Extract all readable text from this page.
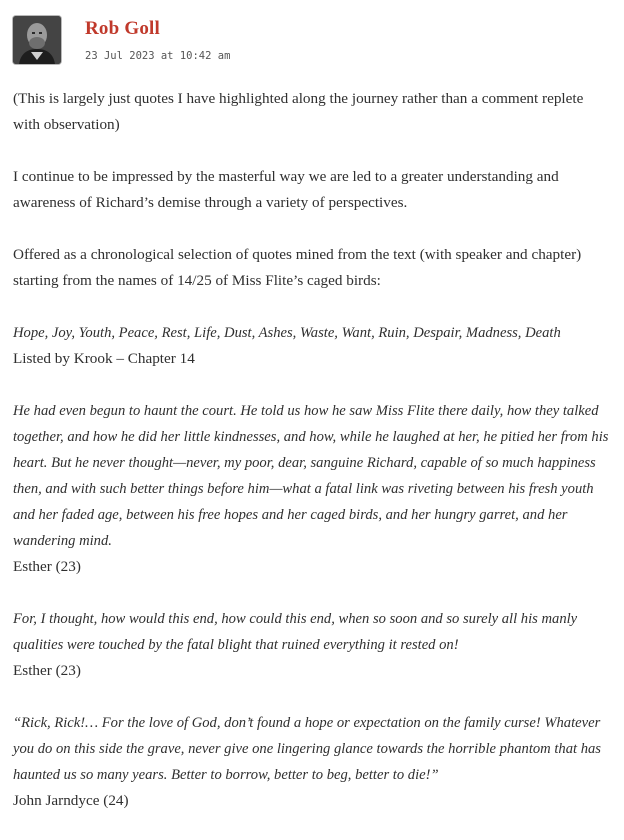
Rob Goll
23 Jul 2023 at 10:42 am

(This is largely just quotes I have highlighted along the journey rather than a comment replete with observation)

I continue to be impressed by the masterful way we are led to a greater understanding and awareness of Richard’s demise through a variety of perspectives.

Offered as a chronological selection of quotes mined from the text (with speaker and chapter) starting from the names of 14/25 of Miss Flite’s caged birds:

Hope, Joy, Youth, Peace, Rest, Life, Dust, Ashes, Waste, Want, Ruin, Despair, Madness, Death
Listed by Krook – Chapter 14
He had even begun to haunt the court. He told us how he saw Miss Flite there daily, how they talked together, and how he did her little kindnesses, and how, while he laughed at her, he pitied her from his heart. But he never thought—never, my poor, dear, sanguine Richard, capable of so much happiness then, and with such better things before him—what a fatal link was riveting between his fresh youth and her faded age, between his free hopes and her caged birds, and her hungry garret, and her wandering mind.
Esther (23)
For, I thought, how would this end, how could this end, when so soon and so surely all his manly qualities were touched by the fatal blight that ruined everything it rested on!
Esther (23)
“Rick, Rick!… For the love of God, don’t found a hope or expectation on the family curse! Whatever you do on this side the grave, never give one lingering glance towards the horrible phantom that has haunted us so many years. Better to borrow, better to beg, better to die!”
John Jarndyce (24)
